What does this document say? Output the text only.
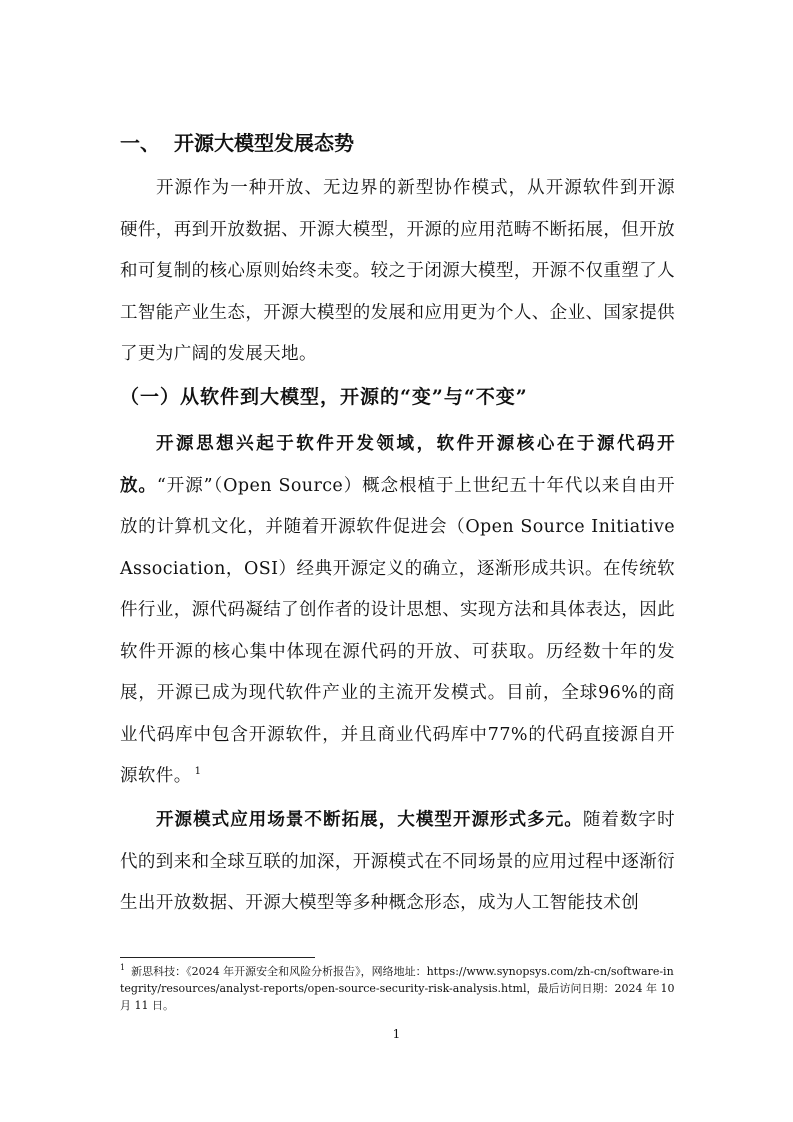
一、 开源大模型发展态势

开源作为一种开放、无边界的新型协作模式，从开源软件到开源硬件，再到开放数据、开源大模型，开源的应用范畴不断拓展，但开放和可复制的核心原则始终未变。较之于闭源大模型，开源不仅重塑了人工智能产业生态，开源大模型的发展和应用更为个人、企业、国家提供了更为广阔的发展天地。

（一）从软件到大模型，开源的“变”与“不变”

开源思想兴起于软件开发领域，软件开源核心在于源代码开放。“开源”（Open Source）概念根植于上世纪五十年代以来自由开放的计算机文化，并随着开源软件促进会（Open Source Initiative Association，OSI）经典开源定义的确立，逐渐形成共识。在传统软件行业，源代码凝结了创作者的设计思想、实现方法和具体表达，因此软件开源的核心集中体现在源代码的开放、可获取。历经数十年的发展，开源已成为现代软件产业的主流开发模式。目前，全球96%的商业代码库中包含开源软件，并且商业代码库中77%的代码直接源自开源软件。 $^1$

开源模式应用场景不断拓展，大模型开源形式多元。随着数字时代的到来和全球互联的加深，开源模式在不同场景的应用过程中逐渐衍生出开放数据、开源大模型等多种概念形态，成为人工智能技术创

$^1$ 新思科技：《2024 年开源安全和风险分析报告》，网络地址：https://www.synopsys.com/zh-cn/software-integrity/resources/analyst-reports/open-source-security-risk-analysis.html，最后访问日期：2024 年 10 月 11 日。

1
